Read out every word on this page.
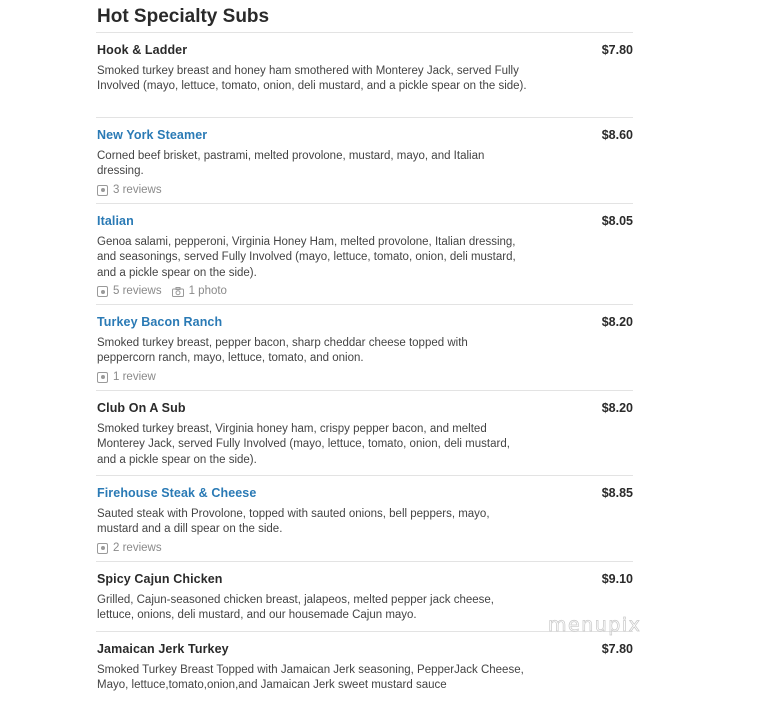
Hot Specialty Subs
Hook & Ladder	$7.80
Smoked turkey breast and honey ham smothered with Monterey Jack, served Fully Involved (mayo, lettuce, tomato, onion, deli mustard, and a pickle spear on the side).
New York Steamer	$8.60
Corned beef brisket, pastrami, melted provolone, mustard, mayo, and Italian dressing.
3 reviews
Italian	$8.05
Genoa salami, pepperoni, Virginia Honey Ham, melted provolone, Italian dressing, and seasonings, served Fully Involved (mayo, lettuce, tomato, onion, deli mustard, and a pickle spear on the side).
5 reviews 1 photo
Turkey Bacon Ranch	$8.20
Smoked turkey breast, pepper bacon, sharp cheddar cheese topped with peppercorn ranch, mayo, lettuce, tomato, and onion.
1 review
Club On A Sub	$8.20
Smoked turkey breast, Virginia honey ham, crispy pepper bacon, and melted Monterey Jack, served Fully Involved (mayo, lettuce, tomato, onion, deli mustard, and a pickle spear on the side).
Firehouse Steak & Cheese	$8.85
Sauted steak with Provolone, topped with sauted onions, bell peppers, mayo, mustard and a dill spear on the side.
2 reviews
Spicy Cajun Chicken	$9.10
Grilled, Cajun-seasoned chicken breast, jalapeos, melted pepper jack cheese, lettuce, onions, deli mustard, and our housemade Cajun mayo.
Jamaican Jerk Turkey	$7.80
Smoked Turkey Breast Topped with Jamaican Jerk seasoning, PepperJack Cheese, Mayo, lettuce,tomato,onion,and Jamaican Jerk sweet mustard sauce
menupix
